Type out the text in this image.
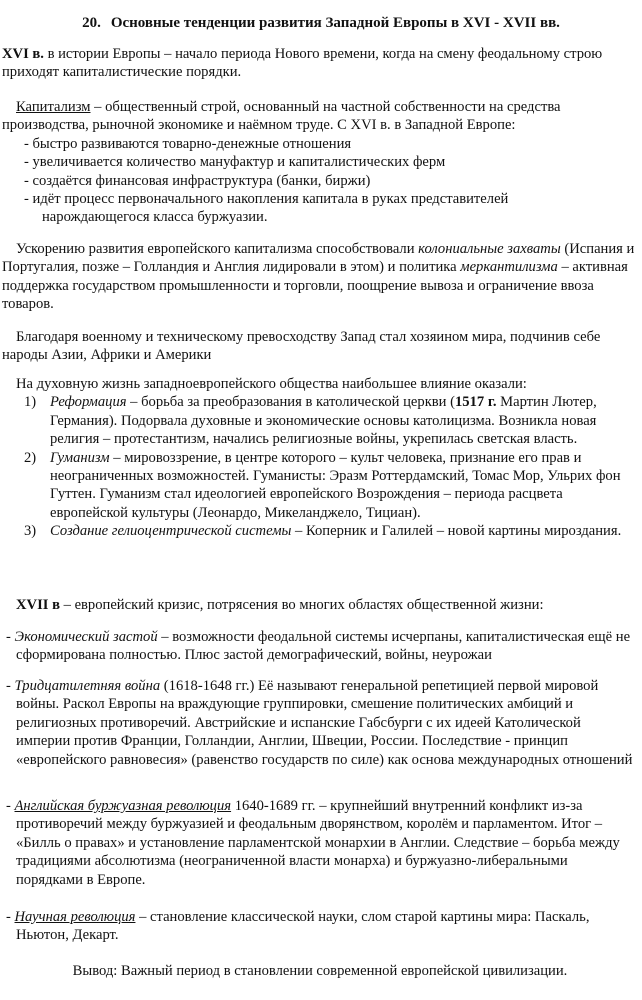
20. Основные тенденции развития Западной Европы в XVI - XVII вв.

XVI в. в истории Европы – начало периода Нового времени, когда на смену феодальному строю приходят капиталистические порядки.

Капитализм – общественный строй, основанный на частной собственности на средства производства, рыночной экономике и наёмном труде. С XVI в. в Западной Европе:

- быстро развиваются товарно-денежные отношения

- увеличивается количество мануфактур и капиталистических ферм

- создаётся финансовая инфраструктура (банки, биржи)

- идёт процесс первоначального накопления капитала в руках представителей

нарождающегося класса буржуазии.

Ускорению развития европейского капитализма способствовали колониальные захваты (Испания и Португалия, позже – Голландия и Англия лидировали в этом) и политика меркантилизма – активная поддержка государством промышленности и торговли, поощрение вывоза и ограничение ввоза товаров.

Благодаря военному и техническому превосходству Запад стал хозяином мира, подчинив себе народы Азии, Африки и Америки

На духовную жизнь западноевропейского общества наибольшее влияние оказали:

1) Реформация – борьба за преобразования в католической церкви (1517 г. Мартин Лютер, Германия). Подорвала духовные и экономические основы католицизма. Возникла новая религия – протестантизм, начались религиозные войны, укрепилась светская власть.
2) Гуманизм – мировоззрение, в центре которого – культ человека, признание его прав и неограниченных возможностей. Гуманисты: Эразм Роттердамский, Томас Мор, Ульрих фон Гуттен. Гуманизм стал идеологией европейского Возрождения – периода расцвета европейской культуры (Леонардо, Микеланджело, Тициан).
3) Создание гелиоцентрической системы – Коперник и Галилей – новой картины мироздания.

XVII в – европейский кризис, потрясения во многих областях общественной жизни:

- Экономический застой – возможности феодальной системы исчерпаны, капиталистическая ещё не сформирована полностью. Плюс застой демографический, войны, неурожаи

- Тридцатилетняя война (1618-1648 гг.) Её называют генеральной репетицией первой мировой войны. Раскол Европы на враждующие группировки, смешение политических амбиций и религиозных противоречий. Австрийские и испанские Габсбурги с их идеей Католической империи против Франции, Голландии, Англии, Швеции, России. Последствие - принцип «европейского равновесия» (равенство государств по силе) как основа международных отношений

- Английская буржуазная революция 1640-1689 гг. – крупнейший внутренний конфликт из-за противоречий между буржуазией и феодальным дворянством, королём и парламентом. Итог – «Билль о правах» и установление парламентской монархии в Англии. Следствие – борьба между традициями абсолютизма (неограниченной власти монарха) и буржуазно-либеральными порядками в Европе.

- Научная революция – становление классической науки, слом старой картины мира: Паскаль, Ньютон, Декарт.

Вывод: Важный период в становлении современной европейской цивилизации.
